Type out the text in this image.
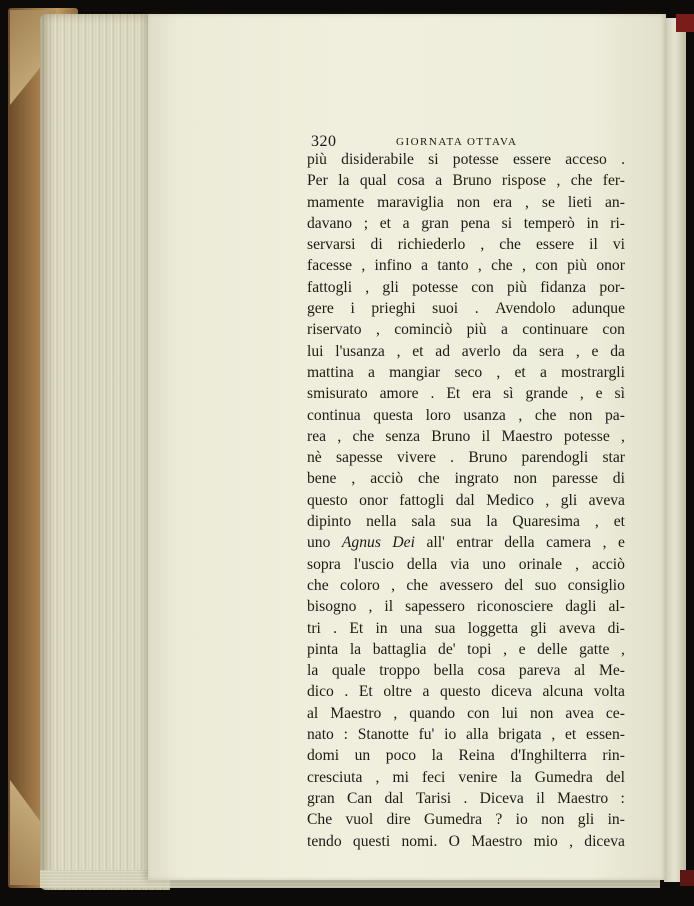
320	GIORNATA OTTAVA
più disiderabile si potesse essere acceso .
Per la qual cosa a Bruno rispose , che fer-
mamente maraviglia non era , se lieti an-
davano ; et a gran pena si temperò in ri-
servarsi di richiederlo , che essere il vi
facesse , infino a tanto , che , con più onor
fattogli , gli potesse con più fidanza por-
gere i prieghi suoi . Avendolo adunque
riservato , cominciò più a continuare con
lui l'usanza , et ad averlo da sera , e da
mattina a mangiar seco , et a mostrargli
smisurato amore . Et era sì grande , e sì
continua questa loro usanza , che non pa-
rea , che senza Bruno il Maestro potesse ,
nè sapesse vivere . Bruno parendogli star
bene , acciò che ingrato non paresse di
questo onor fattogli dal Medico , gli aveva
dipinto nella sala sua la Quaresima , et
uno Agnus Dei all' entrar della camera , e
sopra l'uscio della via uno orinale , acciò
che coloro , che avessero del suo consiglio
bisogno , il sapessero riconosciere dagli al-
tri . Et in una sua loggetta gli aveva di-
pinta la battaglia de' topi , e delle gatte ,
la quale troppo bella cosa pareva al Me-
dico . Et oltre a questo diceva alcuna volta
al Maestro , quando con lui non avea ce-
nato : Stanotte fu' io alla brigata , et essen-
domi un poco la Reina d'Inghilterra rin-
cresciuta , mi feci venire la Gumedra del
gran Can dal Tarisi . Diceva il Maestro :
Che vuol dire Gumedra ? io non gli in-
tendo questi nomi. O Maestro mio , diceva
